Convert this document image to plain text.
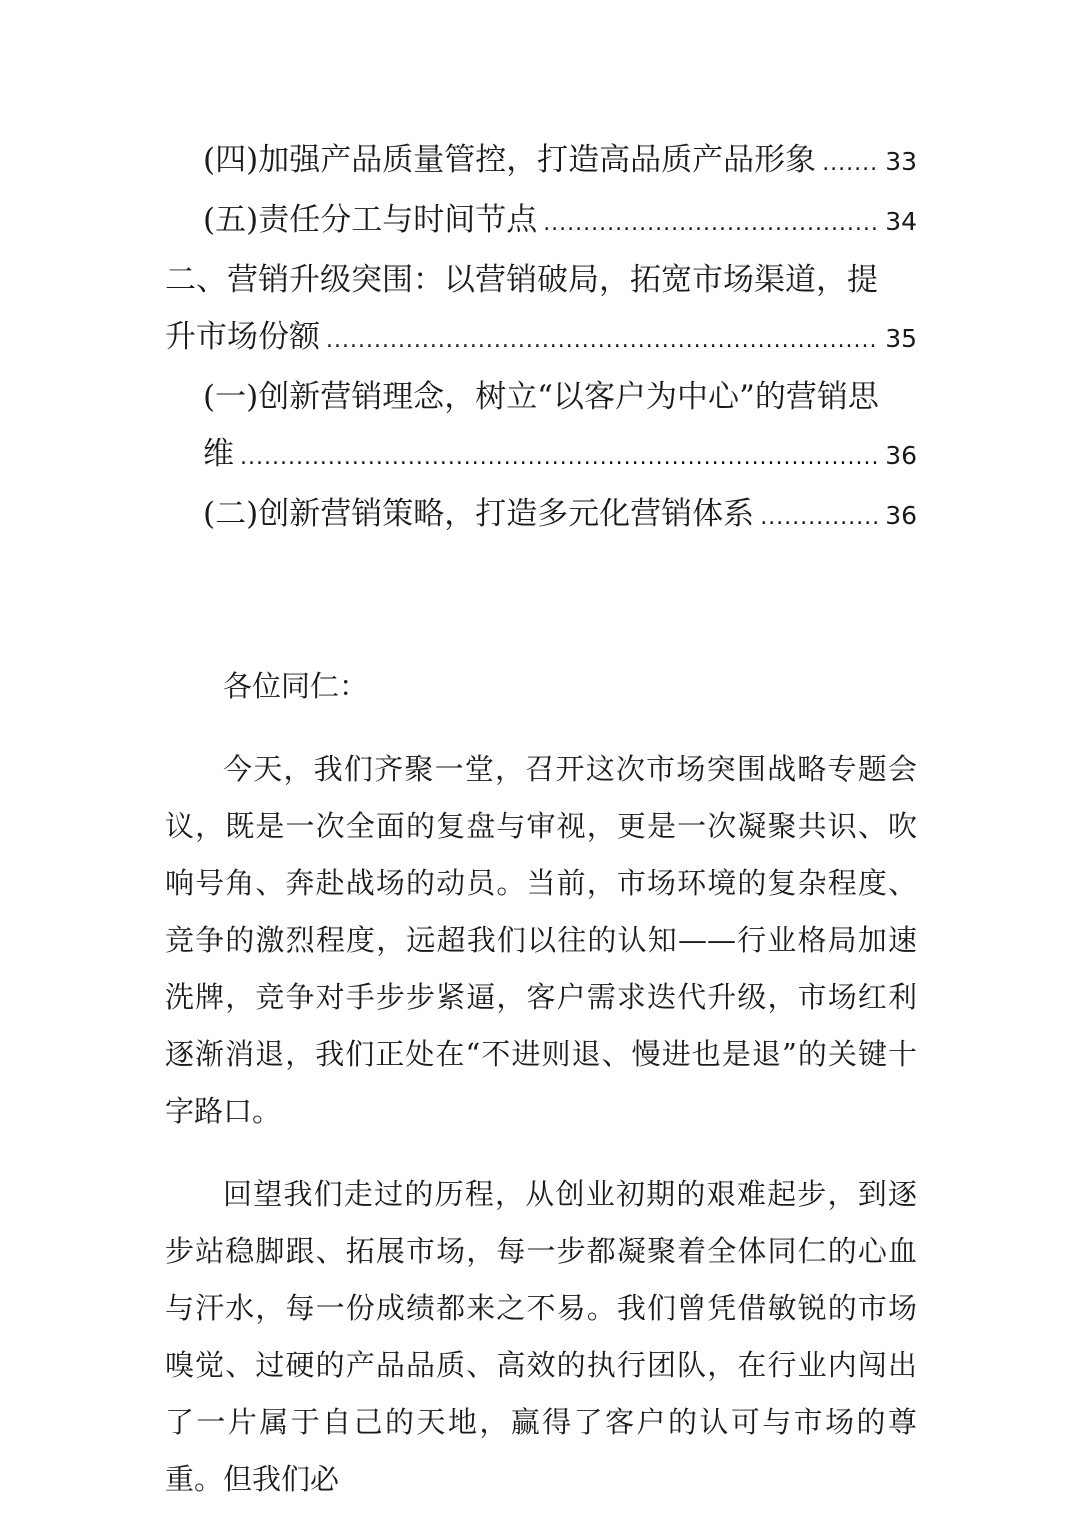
(四)加强产品质量管控，打造高品质产品形象 .....	33
(五)责任分工与时间节点 .....	34
二、营销升级突围：以营销破局，拓宽市场渠道，提
升市场份额 .....	35
(一)创新营销理念，树立“以客户为中心”的营销思
维 .....	36
(二)创新营销策略，打造多元化营销体系 .....	36

各位同仁：

今天，我们齐聚一堂，召开这次市场突围战略专题会议，既是一次全面的复盘与审视，更是一次凝聚共识、吹响号角、奔赴战场的动员。当前，市场环境的复杂程度、竞争的激烈程度，远超我们以往的认知——行业格局加速洗牌，竞争对手步步紧逼，客户需求迭代升级，市场红利逐渐消退，我们正处在“不进则退、慢进也是退”的关键十字路口。

回望我们走过的历程，从创业初期的艰难起步，到逐步站稳脚跟、拓展市场，每一步都凝聚着全体同仁的心血与汗水，每一份成绩都来之不易。我们曾凭借敏锐的市场嗅觉、过硬的产品品质、高效的执行团队，在行业内闯出了一片属于自己的天地，赢得了客户的认可与市场的尊重。但我们必
